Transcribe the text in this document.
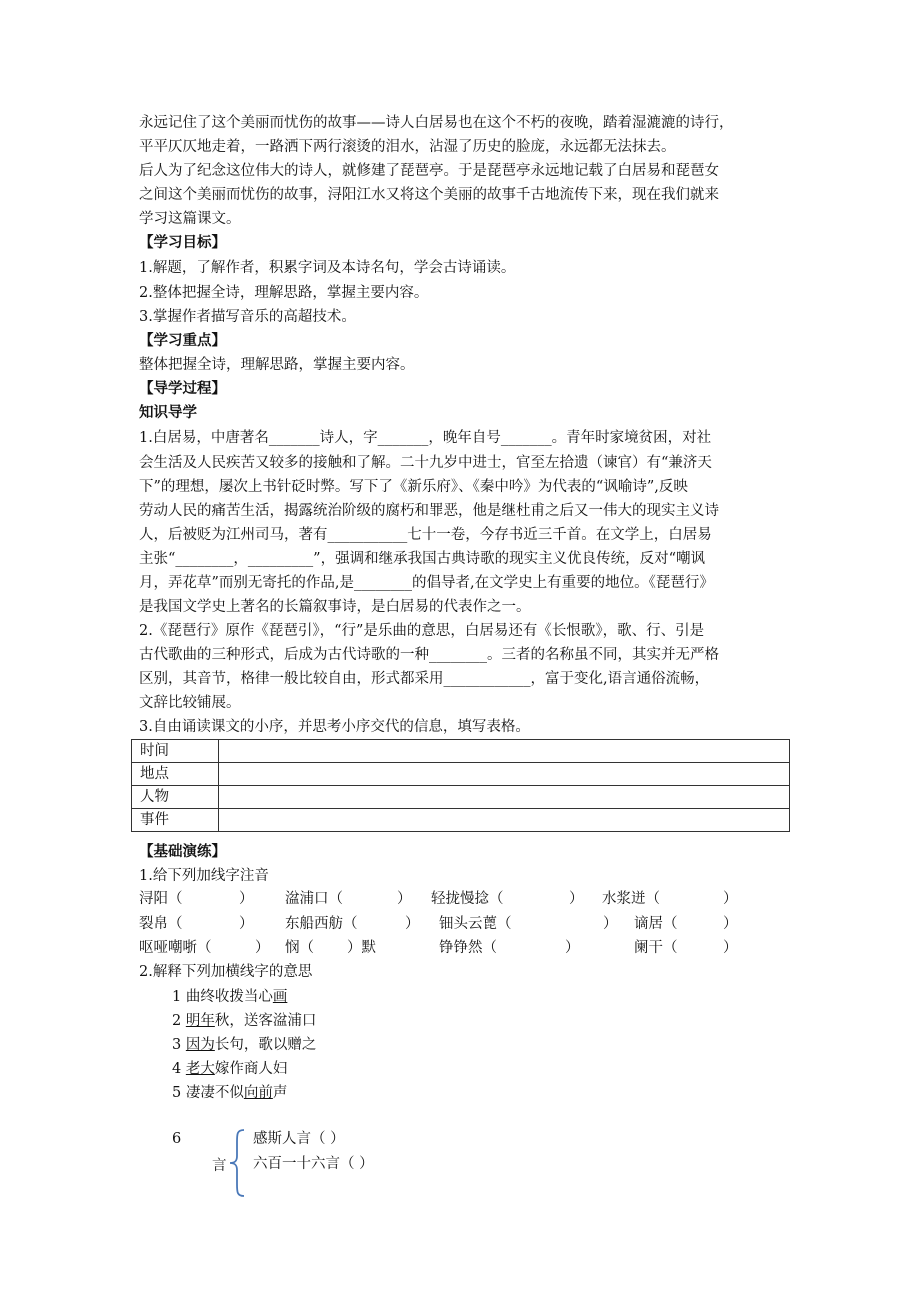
永远记住了这个美丽而忧伤的故事——诗人白居易也在这个不朽的夜晚，踏着湿漉漉的诗行，
平平仄仄地走着，一路洒下两行滚烫的泪水，沾湿了历史的脸庞，永远都无法抹去。
后人为了纪念这位伟大的诗人，就修建了琵琶亭。于是琵琶亭永远地记载了白居易和琵琶女
之间这个美丽而忧伤的故事，浔阳江水又将这个美丽的故事千古地流传下来，现在我们就来
学习这篇课文。
【学习目标】
1.解题，了解作者，积累字词及本诗名句，学会古诗诵读。
2.整体把握全诗，理解思路，掌握主要内容。
3.掌握作者描写音乐的高超技术。
【学习重点】
整体把握全诗，理解思路，掌握主要内容。
【导学过程】
知识导学
1.白居易，中唐著名_______诗人，字_______，晚年自号_______。青年时家境贫困，对社
会生活及人民疾苦又较多的接触和了解。二十九岁中进士，官至左拾遗（谏官）有“兼济天
下”的理想，屡次上书针砭时弊。写下了《新乐府》、《秦中吟》为代表的“讽喻诗”,反映
劳动人民的痛苦生活，揭露统治阶级的腐朽和罪恶，他是继杜甫之后又一伟大的现实主义诗
人，后被贬为江州司马，著有___________七十一卷，今存书近三千首。在文学上，白居易
主张“________，_________”，强调和继承我国古典诗歌的现实主义优良传统，反对“嘲讽
月，弄花草”而别无寄托的作品,是________的倡导者,在文学史上有重要的地位。《琵琶行》
是我国文学史上著名的长篇叙事诗，是白居易的代表作之一。
2.《琵琶行》原作《琵琶引》，“行”是乐曲的意思，白居易还有《长恨歌》，歌、行、引是
古代歌曲的三种形式，后成为古代诗歌的一种________。三者的名称虽不同，其实并无严格
区别，其音节，格律一般比较自由，形式都采用____________，富于变化,语言通俗流畅，
文辞比较铺展。
3.自由诵读课文的小序，并思考小序交代的信息，填写表格。
时间	
地点	
人物	
事件	
【基础演练】
1.给下列加线字注音
浔阳（	） 湓浦口（	） 轻拢慢捻（	） 水浆迸（	）
裂帛（	） 东船西舫（	） 钿头云蓖（	） 谪居（	）
呕哑嘲哳（	） 悯（ ）默	铮铮然（	）	阑干（	）
2.解释下列加横线字的意思
1 曲终收拨当心画
2 明年秋，送客湓浦口
3 因为长句，歌以赠之
4 老大嫁作商人妇
5 凄凄不似向前声
6
言
感斯人言（ ）
六百一十六言（ ）
